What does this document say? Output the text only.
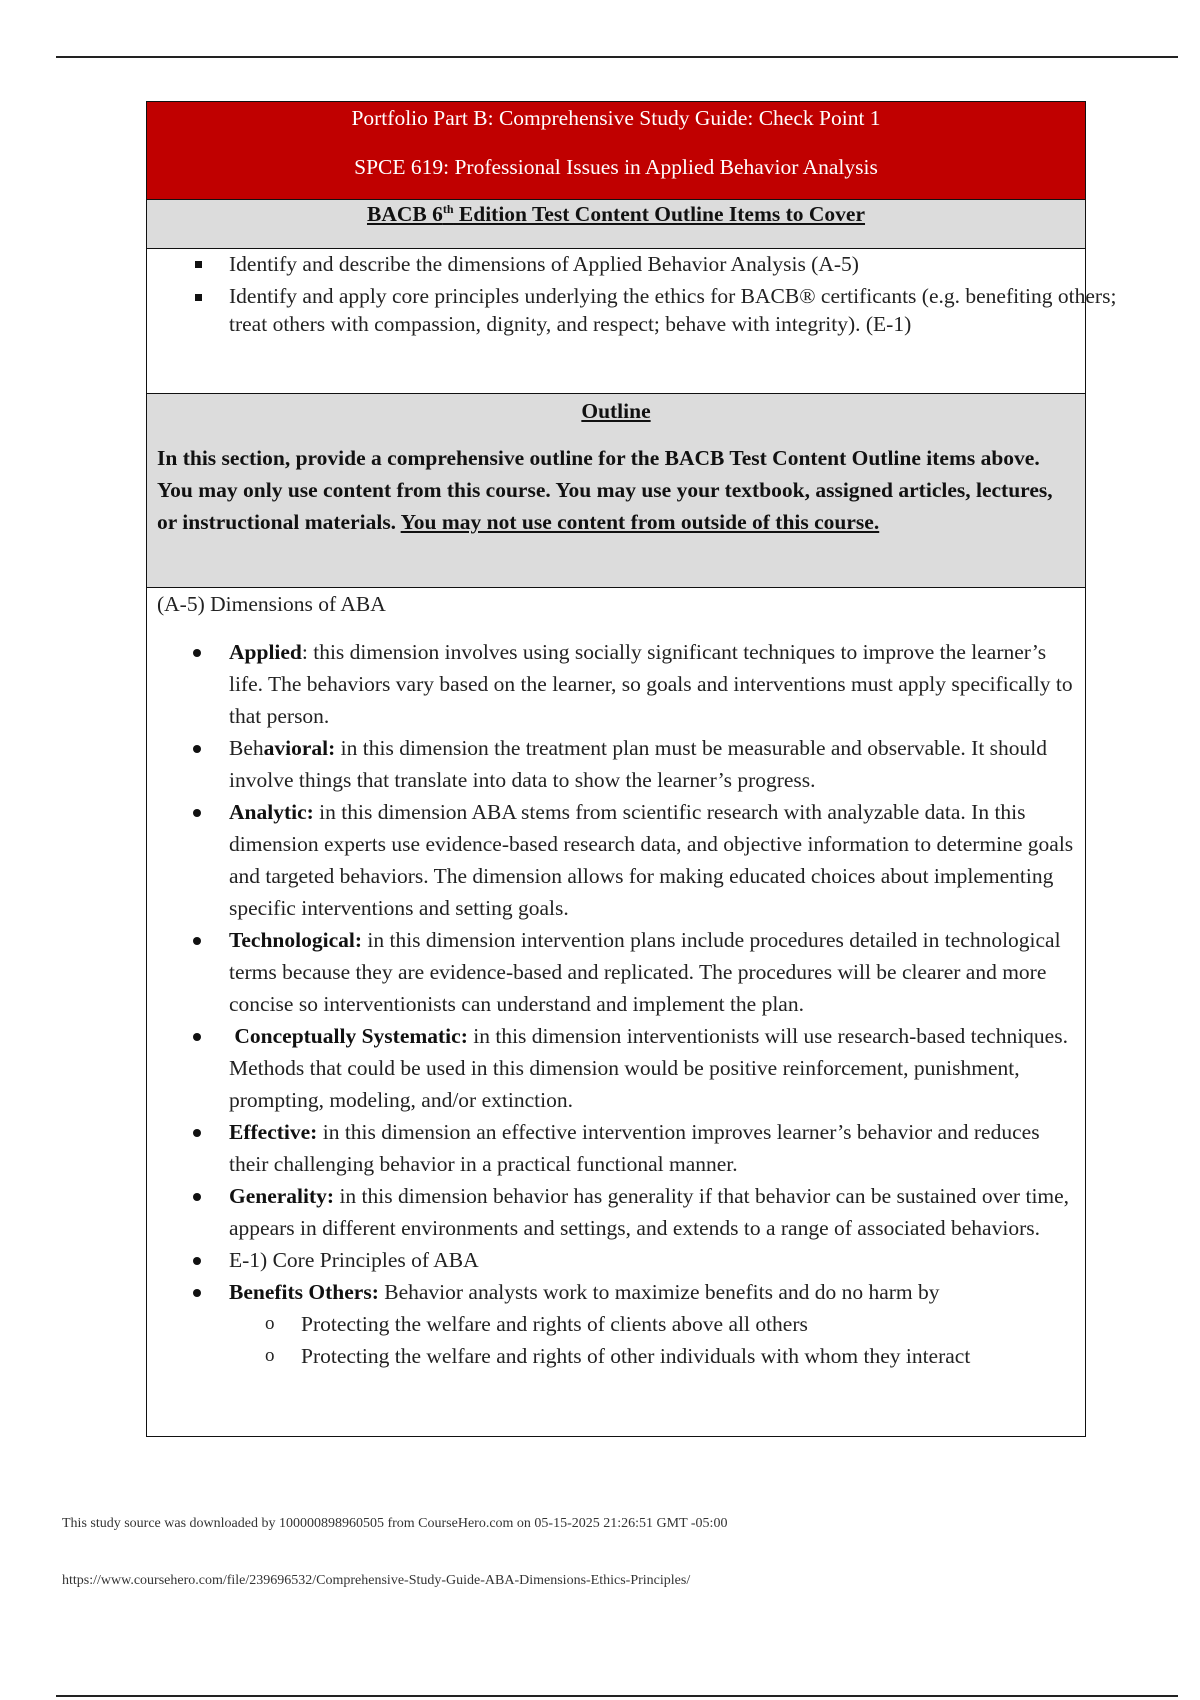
Portfolio Part B: Comprehensive Study Guide: Check Point 1
SPCE 619: Professional Issues in Applied Behavior Analysis
BACB 6th Edition Test Content Outline Items to Cover
Identify and describe the dimensions of Applied Behavior Analysis (A-5)
Identify and apply core principles underlying the ethics for BACB® certificants (e.g. benefiting others; treat others with compassion, dignity, and respect; behave with integrity). (E-1)
Outline
In this section, provide a comprehensive outline for the BACB Test Content Outline items above. You may only use content from this course. You may use your textbook, assigned articles, lectures, or instructional materials. You may not use content from outside of this course.
(A-5) Dimensions of ABA
Applied: this dimension involves using socially significant techniques to improve the learner’s life. The behaviors vary based on the learner, so goals and interventions must apply specifically to that person.
Behavioral: in this dimension the treatment plan must be measurable and observable. It should involve things that translate into data to show the learner’s progress.
Analytic: in this dimension ABA stems from scientific research with analyzable data. In this dimension experts use evidence-based research data, and objective information to determine goals and targeted behaviors. The dimension allows for making educated choices about implementing specific interventions and setting goals.
Technological: in this dimension intervention plans include procedures detailed in technological terms because they are evidence-based and replicated. The procedures will be clearer and more concise so interventionists can understand and implement the plan.
Conceptually Systematic: in this dimension interventionists will use research-based techniques. Methods that could be used in this dimension would be positive reinforcement, punishment, prompting, modeling, and/or extinction.
Effective: in this dimension an effective intervention improves learner’s behavior and reduces their challenging behavior in a practical functional manner.
Generality: in this dimension behavior has generality if that behavior can be sustained over time, appears in different environments and settings, and extends to a range of associated behaviors.
E-1) Core Principles of ABA
Benefits Others: Behavior analysts work to maximize benefits and do no harm by
o Protecting the welfare and rights of clients above all others
o Protecting the welfare and rights of other individuals with whom they interact
This study source was downloaded by 100000898960505 from CourseHero.com on 05-15-2025 21:26:51 GMT -05:00
https://www.coursehero.com/file/239696532/Comprehensive-Study-Guide-ABA-Dimensions-Ethics-Principles/
